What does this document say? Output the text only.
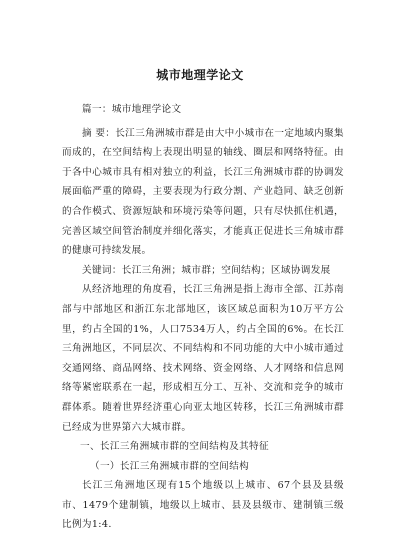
城市地理学论文

篇一：城市地理学论文

摘 要：长江三角洲城市群是由大中小城市在一定地域内聚集而成的，在空间结构上表现出明显的轴线、圈层和网络特征。由于各中心城市具有相对独立的利益，长江三角洲城市群的协调发展面临严重的障碍，主要表现为行政分割、产业趋同、缺乏创新的合作模式、资源短缺和环境污染等问题，只有尽快抓住机遇，完善区域空间管治制度并细化落实，才能真正促进长三角城市群的健康可持续发展。

关键词：长江三角洲；城市群；空间结构；区域协调发展

从经济地理的角度看，长江三角洲是指上海市全部、江苏南部与中部地区和浙江东北部地区，该区域总面积为10万平方公里，约占全国的1%，人口7534万人，约占全国的6%。在长江三角洲地区，不同层次、不同结构和不同功能的大中小城市通过交通网络、商品网络、技术网络、资金网络、人才网络和信息网络等紧密联系在一起，形成相互分工、互补、交流和竞争的城市群体系。随着世界经济重心向亚太地区转移，长江三角洲城市群已经成为世界第六大城市群。

一、长江三角洲城市群的空间结构及其特征

（一）长江三角洲城市群的空间结构

长江三角洲地区现有15个地级以上城市、67个县及县级市、1479个建制镇，地级以上城市、县及县级市、建制镇三级比例为1:4.
